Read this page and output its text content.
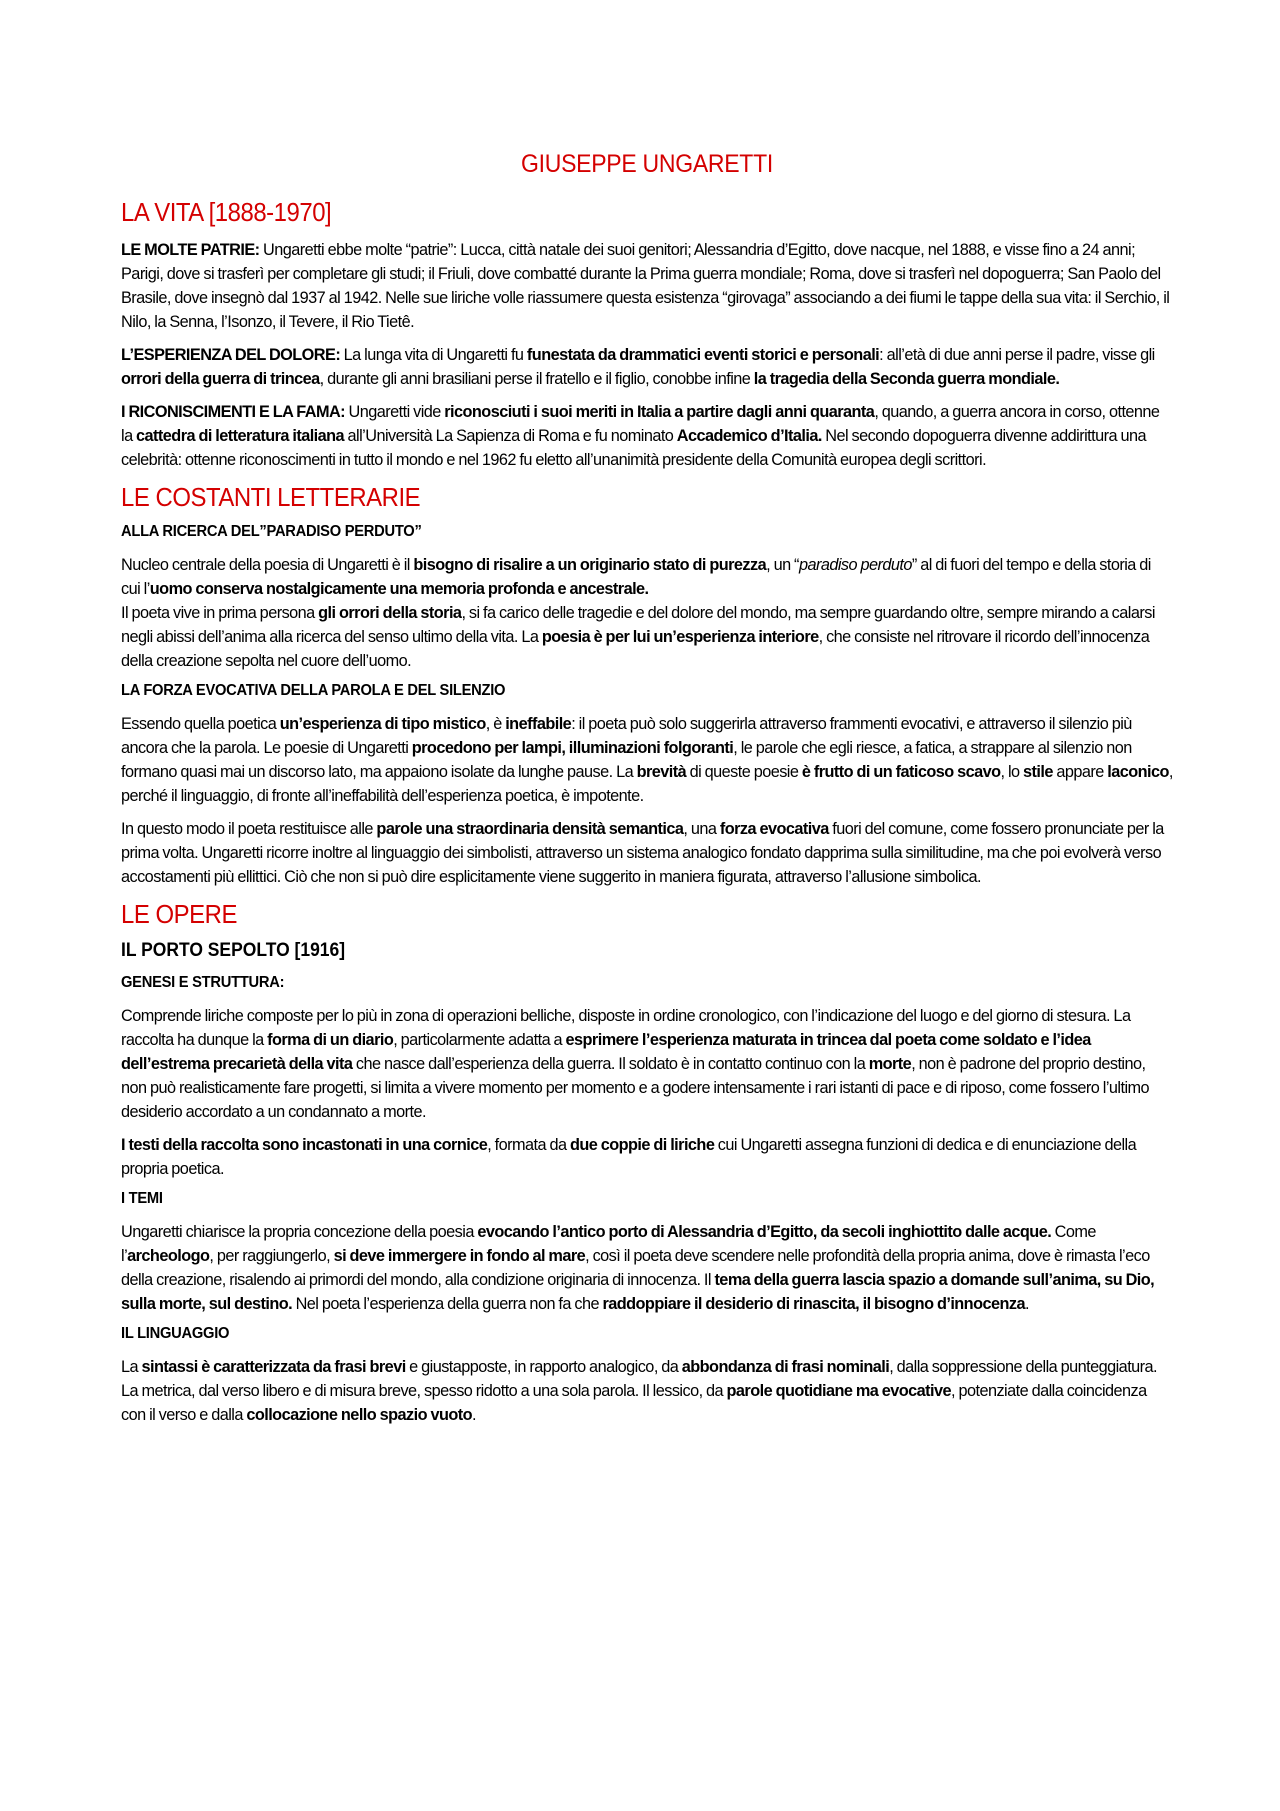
GIUSEPPE UNGARETTI
LA VITA [1888-1970]

LE MOLTE PATRIE: Ungaretti ebbe molte “patrie”: Lucca, città natale dei suoi genitori; Alessandria d’Egitto, dove nacque, nel 1888, e visse fino a 24 anni; Parigi, dove si trasferì per completare gli studi; il Friuli, dove combatté durante la Prima guerra mondiale; Roma, dove si trasferì nel dopoguerra; San Paolo del Brasile, dove insegnò dal 1937 al 1942. Nelle sue liriche volle riassumere questa esistenza “girovaga” associando a dei fiumi le tappe della sua vita: il Serchio, il Nilo, la Senna, l’Isonzo, il Tevere, il Rio Tietê.

L’ESPERIENZA DEL DOLORE: La lunga vita di Ungaretti fu funestata da drammatici eventi storici e personali: all’età di due anni perse il padre, visse gli orrori della guerra di trincea, durante gli anni brasiliani perse il fratello e il figlio, conobbe infine la tragedia della Seconda guerra mondiale.

I RICONISCIMENTI E LA FAMA: Ungaretti vide riconosciuti i suoi meriti in Italia a partire dagli anni quaranta, quando, a guerra ancora in corso, ottenne la cattedra di letteratura italiana all’Università La Sapienza di Roma e fu nominato Accademico d’Italia. Nel secondo dopoguerra divenne addirittura una celebrità: ottenne riconoscimenti in tutto il mondo e nel 1962 fu eletto all’unanimità presidente della Comunità europea degli scrittori.

LE COSTANTI LETTERARIE
ALLA RICERCA DEL”PARADISO PERDUTO”

Nucleo centrale della poesia di Ungaretti è il bisogno di risalire a un originario stato di purezza, un “paradiso perduto” al di fuori del tempo e della storia di cui l’uomo conserva nostalgicamente una memoria profonda e ancestrale.
Il poeta vive in prima persona gli orrori della storia, si fa carico delle tragedie e del dolore del mondo, ma sempre guardando oltre, sempre mirando a calarsi negli abissi dell’anima alla ricerca del senso ultimo della vita. La poesia è per lui un’esperienza interiore, che consiste nel ritrovare il ricordo dell’innocenza della creazione sepolta nel cuore dell’uomo.

LA FORZA EVOCATIVA DELLA PAROLA E DEL SILENZIO

Essendo quella poetica un’esperienza di tipo mistico, è ineffabile: il poeta può solo suggerirla attraverso frammenti evocativi, e attraverso il silenzio più ancora che la parola. Le poesie di Ungaretti procedono per lampi, illuminazioni folgoranti, le parole che egli riesce, a fatica, a strappare al silenzio non formano quasi mai un discorso lato, ma appaiono isolate da lunghe pause. La brevità di queste poesie è frutto di un faticoso scavo, lo stile appare laconico, perché il linguaggio, di fronte all’ineffabilità dell’esperienza poetica, è impotente.

In questo modo il poeta restituisce alle parole una straordinaria densità semantica, una forza evocativa fuori del comune, come fossero pronunciate per la prima volta. Ungaretti ricorre inoltre al linguaggio dei simbolisti, attraverso un sistema analogico fondato dapprima sulla similitudine, ma che poi evolverà verso accostamenti più ellittici. Ciò che non si può dire esplicitamente viene suggerito in maniera figurata, attraverso l’allusione simbolica.

LE OPERE
IL PORTO SEPOLTO [1916]
GENESI E STRUTTURA:

Comprende liriche composte per lo più in zona di operazioni belliche, disposte in ordine cronologico, con l’indicazione del luogo e del giorno di stesura. La raccolta ha dunque la forma di un diario, particolarmente adatta a esprimere l’esperienza maturata in trincea dal poeta come soldato e l’idea dell’estrema precarietà della vita che nasce dall’esperienza della guerra. Il soldato è in contatto continuo con la morte, non è padrone del proprio destino, non può realisticamente fare progetti, si limita a vivere momento per momento e a godere intensamente i rari istanti di pace e di riposo, come fossero l’ultimo desiderio accordato a un condannato a morte.

I testi della raccolta sono incastonati in una cornice, formata da due coppie di liriche cui Ungaretti assegna funzioni di dedica e di enunciazione della propria poetica.

I TEMI

Ungaretti chiarisce la propria concezione della poesia evocando l’antico porto di Alessandria d’Egitto, da secoli inghiottito dalle acque. Come l’archeologo, per raggiungerlo, si deve immergere in fondo al mare, così il poeta deve scendere nelle profondità della propria anima, dove è rimasta l’eco della creazione, risalendo ai primordi del mondo, alla condizione originaria di innocenza. Il tema della guerra lascia spazio a domande sull’anima, su Dio, sulla morte, sul destino. Nel poeta l’esperienza della guerra non fa che raddoppiare il desiderio di rinascita, il bisogno d’innocenza.

IL LINGUAGGIO

La sintassi è caratterizzata da frasi brevi e giustapposte, in rapporto analogico, da abbondanza di frasi nominali, dalla soppressione della punteggiatura. La metrica, dal verso libero e di misura breve, spesso ridotto a una sola parola. Il lessico, da parole quotidiane ma evocative, potenziate dalla coincidenza con il verso e dalla collocazione nello spazio vuoto.
